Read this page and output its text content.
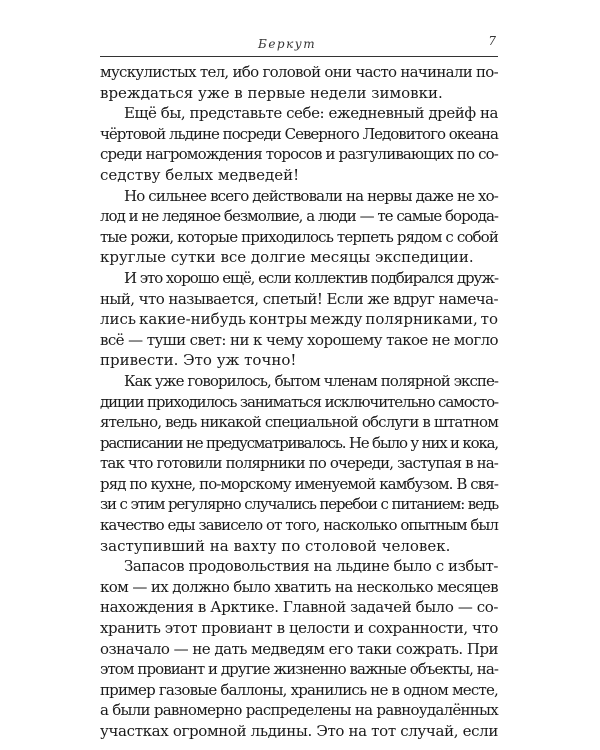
Беркут	7
мускулистых тел, ибо головой они часто начинали по-
вреждаться уже в первые недели зимовки.
Ещё бы, представьте себе: ежедневный дрейф на
чёртовой льдине посреди Северного Ледовитого океана
среди нагромождения торосов и разгуливающих по со-
седству белых медведей!
Но сильнее всего действовали на нервы даже не хо-
лод и не ледяное безмолвие, а люди — те самые борода-
тые рожи, которые приходилось терпеть рядом с собой
круглые сутки все долгие месяцы экспедиции.
И это хорошо ещё, если коллектив подбирался друж-
ный, что называется, спетый! Если же вдруг намеча-
лись какие-нибудь контры между полярниками, то
всё — туши свет: ни к чему хорошему такое не могло
привести. Это уж точно!
Как уже говорилось, бытом членам полярной экспе-
диции приходилось заниматься исключительно самосто-
ятельно, ведь никакой специальной обслуги в штатном
расписании не предусматривалось. Не было у них и кока,
так что готовили полярники по очереди, заступая в на-
ряд по кухне, по-морскому именуемой камбузом. В свя-
зи с этим регулярно случались перебои с питанием: ведь
качество еды зависело от того, насколько опытным был
заступивший на вахту по столовой человек.
Запасов продовольствия на льдине было с избыт-
ком — их должно было хватить на несколько месяцев
нахождения в Арктике. Главной задачей было — со-
хранить этот провиант в целости и сохранности, что
означало — не дать медведям его таки сожрать. При
этом провиант и другие жизненно важные объекты, на-
пример газовые баллоны, хранились не в одном месте,
а были равномерно распределены на равноудалённых
участках огромной льдины. Это на тот случай, если
